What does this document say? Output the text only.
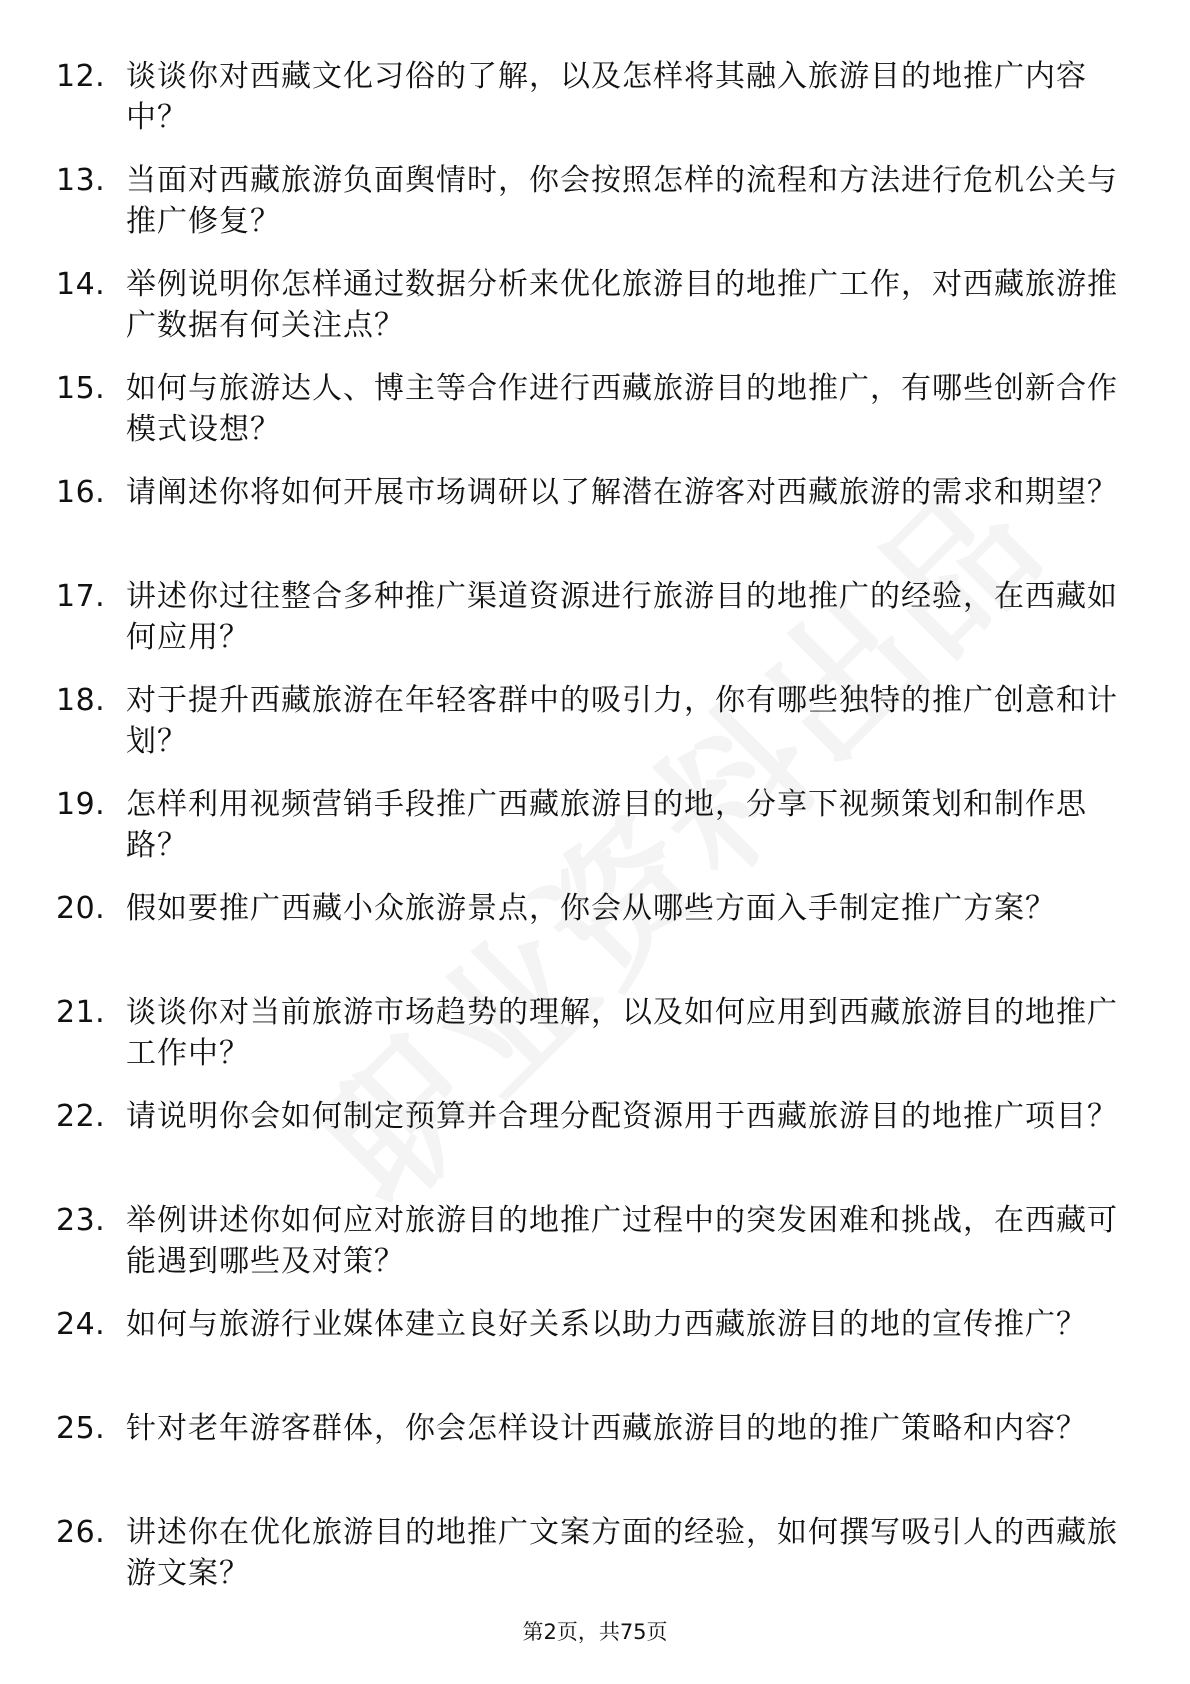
12. 谈谈你对西藏文化习俗的了解，以及怎样将其融入旅游目的地推广内容中？
13. 当面对西藏旅游负面舆情时，你会按照怎样的流程和方法进行危机公关与推广修复？
14. 举例说明你怎样通过数据分析来优化旅游目的地推广工作，对西藏旅游推广数据有何关注点？
15. 如何与旅游达人、博主等合作进行西藏旅游目的地推广，有哪些创新合作模式设想？
16. 请阐述你将如何开展市场调研以了解潜在游客对西藏旅游的需求和期望？
17. 讲述你过往整合多种推广渠道资源进行旅游目的地推广的经验，在西藏如何应用？
18. 对于提升西藏旅游在年轻客群中的吸引力，你有哪些独特的推广创意和计划？
19. 怎样利用视频营销手段推广西藏旅游目的地，分享下视频策划和制作思路？
20. 假如要推广西藏小众旅游景点，你会从哪些方面入手制定推广方案？
21. 谈谈你对当前旅游市场趋势的理解，以及如何应用到西藏旅游目的地推广工作中？
22. 请说明你会如何制定预算并合理分配资源用于西藏旅游目的地推广项目？
23. 举例讲述你如何应对旅游目的地推广过程中的突发困难和挑战，在西藏可能遇到哪些及对策？
24. 如何与旅游行业媒体建立良好关系以助力西藏旅游目的地的宣传推广？
25. 针对老年游客群体，你会怎样设计西藏旅游目的地的推广策略和内容？
26. 讲述你在优化旅游目的地推广文案方面的经验，如何撰写吸引人的西藏旅游文案？
第2页，共75页
